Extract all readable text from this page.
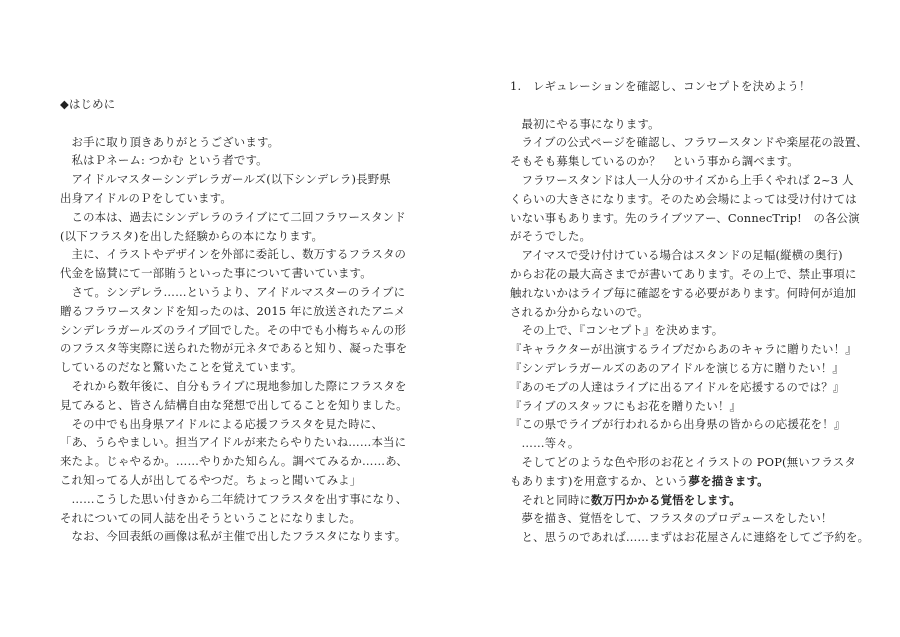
◆はじめに
お手に取り頂きありがとうございます。
私はＰネーム: つかむ という者です。
アイドルマスターシンデレラガールズ(以下シンデレラ)長野県
出身アイドルのＰをしています。
この本は、過去にシンデレラのライブにて二回フラワースタンド
(以下フラスタ)を出した経験からの本になります。
主に、イラストやデザインを外部に委託し、数万するフラスタの
代金を協賛にて一部賄うといった事について書いています。
さて。シンデレラ……というより、アイドルマスターのライブに
贈るフラワースタンドを知ったのは、2015 年に放送されたアニメ
シンデレラガールズのライブ回でした。その中でも小梅ちゃんの形
のフラスタ等実際に送られた物が元ネタであると知り、凝った事を
しているのだなと驚いたことを覚えています。
それから数年後に、自分もライブに現地参加した際にフラスタを
見てみると、皆さん結構自由な発想で出してることを知りました。
その中でも出身県アイドルによる応援フラスタを見た時に、
「あ、うらやましい。担当アイドルが来たらやりたいね……本当に
来たよ。じゃやるか。……やりかた知らん。調べてみるか……あ、
これ知ってる人が出してるやつだ。ちょっと聞いてみよ」
……こうした思い付きから二年続けてフラスタを出す事になり、
それについての同人誌を出そうということになりました。
なお、今回表紙の画像は私が主催で出したフラスタになります。
1.　レギュレーションを確認し、コンセプトを決めよう！
最初にやる事になります。
ライブの公式ページを確認し、フラワースタンドや楽屋花の設置、
そもそも募集しているのか？　という事から調べます。
フラワースタンドは人一人分のサイズから上手くやれば 2~3 人
くらいの大きさになります。そのため会場によっては受け付けては
いない事もあります。先のライブツアー、ConnecTrip!　の各公演
がそうでした。
アイマスで受け付けている場合はスタンドの足幅(縦横の奥行)
からお花の最大高さまでが書いてあります。その上で、禁止事項に
触れないかはライブ毎に確認をする必要があります。何時何が追加
されるか分からないので。
その上で、『コンセプト』を決めます。
『キャラクターが出演するライブだからあのキャラに贈りたい！』
『シンデレラガールズのあのアイドルを演じる方に贈りたい！』
『あのモブの人達はライブに出るアイドルを応援するのでは？』
『ライブのスタッフにもお花を贈りたい！』
『この県でライブが行われるから出身県の皆からの応援花を！』
……等々。
そしてどのような色や形のお花とイラストの POP(無いフラスタ
もあります)を用意するか、という夢を描きます。
それと同時に数万円かかる覚悟をします。
夢を描き、覚悟をして、フラスタのプロデュースをしたい！
と、思うのであれば……まずはお花屋さんに連絡をしてご予約を。
